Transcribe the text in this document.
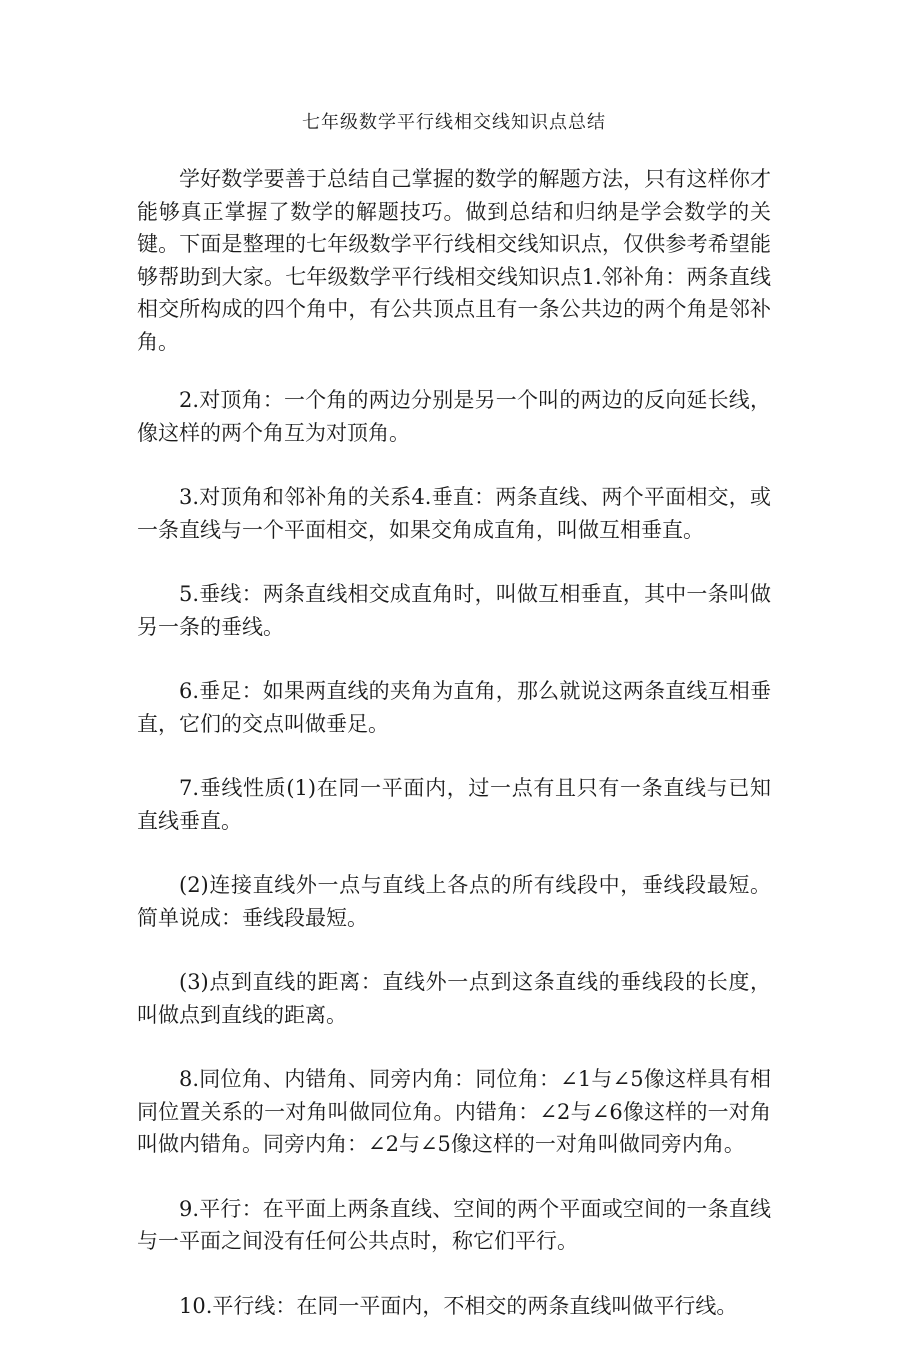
七年级数学平行线相交线知识点总结

学好数学要善于总结自己掌握的数学的解题方法，只有这样你才能够真正掌握了数学的解题技巧。做到总结和归纳是学会数学的关键。下面是整理的七年级数学平行线相交线知识点，仅供参考希望能够帮助到大家。七年级数学平行线相交线知识点1.邻补角：两条直线相交所构成的四个角中，有公共顶点且有一条公共边的两个角是邻补角。

2.对顶角：一个角的两边分别是另一个叫的两边的反向延长线，像这样的两个角互为对顶角。

3.对顶角和邻补角的关系4.垂直：两条直线、两个平面相交，或一条直线与一个平面相交，如果交角成直角，叫做互相垂直。

5.垂线：两条直线相交成直角时，叫做互相垂直，其中一条叫做另一条的垂线。

6.垂足：如果两直线的夹角为直角，那么就说这两条直线互相垂直，它们的交点叫做垂足。

7.垂线性质(1)在同一平面内，过一点有且只有一条直线与已知直线垂直。

(2)连接直线外一点与直线上各点的所有线段中，垂线段最短。简单说成：垂线段最短。

(3)点到直线的距离：直线外一点到这条直线的垂线段的长度，叫做点到直线的距离。

8.同位角、内错角、同旁内角：同位角：∠1与∠5像这样具有相同位置关系的一对角叫做同位角。内错角：∠2与∠6像这样的一对角叫做内错角。同旁内角：∠2与∠5像这样的一对角叫做同旁内角。

9.平行：在平面上两条直线、空间的两个平面或空间的一条直线与一平面之间没有任何公共点时，称它们平行。

10.平行线：在同一平面内，不相交的两条直线叫做平行线。
